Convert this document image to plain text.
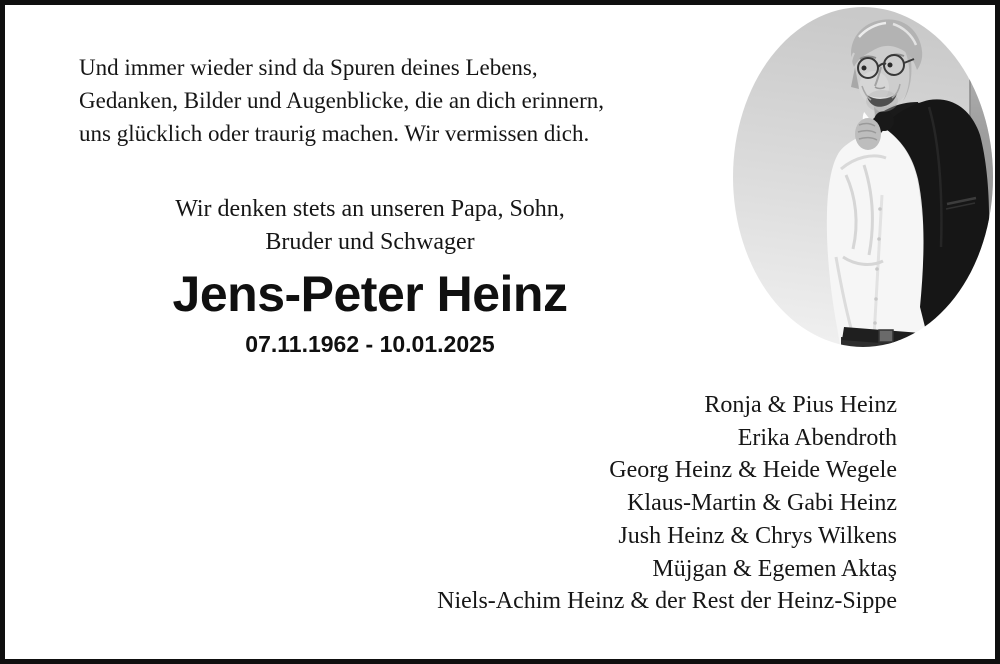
Und immer wieder sind da Spuren deines Lebens,
Gedanken, Bilder und Augenblicke, die an dich erinnern,
uns glücklich oder traurig machen. Wir vermissen dich.
Wir denken stets an unseren Papa, Sohn,
Bruder und Schwager
Jens-Peter Heinz
07.11.1962 - 10.01.2025
Ronja & Pius Heinz
Erika Abendroth
Georg Heinz & Heide Wegele
Klaus-Martin & Gabi Heinz
Jush Heinz & Chrys Wilkens
Müjgan & Egemen Aktaş
Niels-Achim Heinz & der Rest der Heinz-Sippe
